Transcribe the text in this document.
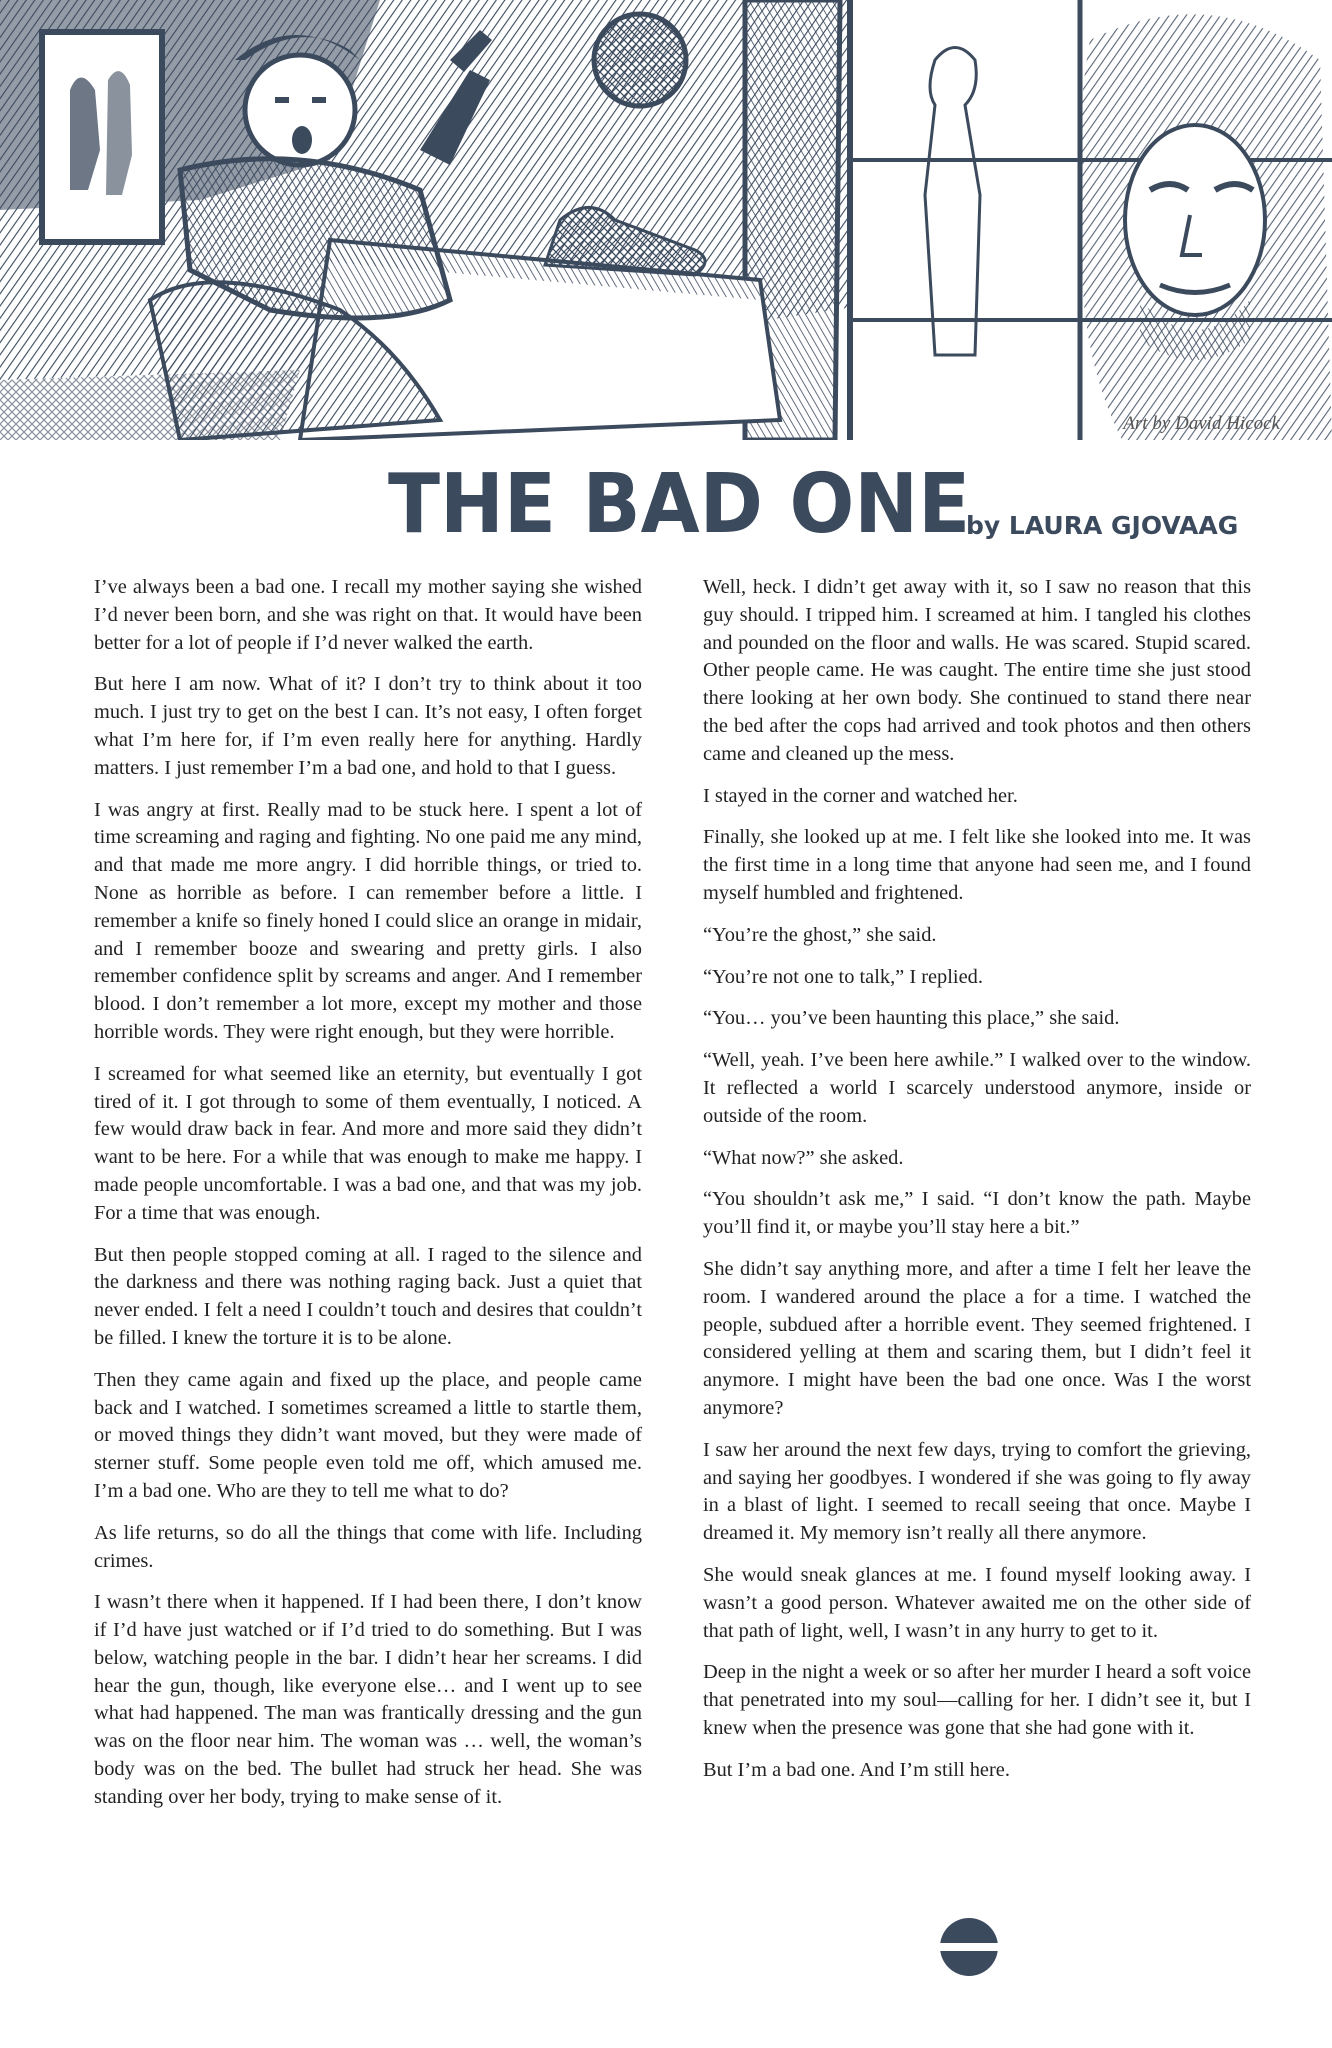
Art by David Hicock
THE BAD ONE
by LAURA GJOVAAG

I’ve always been a bad one. I recall my mother saying she wished I’d never been born, and she was right on that. It would have been better for a lot of people if I’d never walked the earth.

But here I am now. What of it? I don’t try to think about it too much. I just try to get on the best I can. It’s not easy, I often forget what I’m here for, if I’m even really here for anything. Hardly matters. I just remember I’m a bad one, and hold to that I guess.

I was angry at first. Really mad to be stuck here. I spent a lot of time screaming and raging and fighting. No one paid me any mind, and that made me more angry. I did horrible things, or tried to. None as horrible as before. I can remember before a little. I remember a knife so finely honed I could slice an orange in midair, and I remember booze and swearing and pretty girls. I also remember confidence split by screams and anger. And I remember blood. I don’t remember a lot more, except my mother and those horrible words. They were right enough, but they were horrible.

I screamed for what seemed like an eternity, but eventually I got tired of it. I got through to some of them eventually, I noticed. A few would draw back in fear. And more and more said they didn’t want to be here. For a while that was enough to make me happy. I made people uncomfortable. I was a bad one, and that was my job. For a time that was enough.

But then people stopped coming at all. I raged to the silence and the darkness and there was nothing raging back. Just a quiet that never ended. I felt a need I couldn’t touch and desires that couldn’t be filled. I knew the torture it is to be alone.

Then they came again and fixed up the place, and people came back and I watched. I sometimes screamed a little to startle them, or moved things they didn’t want moved, but they were made of sterner stuff. Some people even told me off, which amused me. I’m a bad one. Who are they to tell me what to do?

As life returns, so do all the things that come with life. Including crimes.

I wasn’t there when it happened. If I had been there, I don’t know if I’d have just watched or if I’d tried to do something. But I was below, watching people in the bar. I didn’t hear her screams. I did hear the gun, though, like everyone else… and I went up to see what had happened. The man was frantically dressing and the gun was on the floor near him. The woman was … well, the woman’s body was on the bed. The bullet had struck her head. She was standing over her body, trying to make sense of it.

Well, heck. I didn’t get away with it, so I saw no reason that this guy should. I tripped him. I screamed at him. I tangled his clothes and pounded on the floor and walls. He was scared. Stupid scared. Other people came. He was caught. The entire time she just stood there looking at her own body. She continued to stand there near the bed after the cops had arrived and took photos and then others came and cleaned up the mess.

I stayed in the corner and watched her.

Finally, she looked up at me. I felt like she looked into me. It was the first time in a long time that anyone had seen me, and I found myself humbled and frightened.

“You’re the ghost,” she said.

“You’re not one to talk,” I replied.

“You… you’ve been haunting this place,” she said.

“Well, yeah. I’ve been here awhile.” I walked over to the window. It reflected a world I scarcely understood anymore, inside or outside of the room.

“What now?” she asked.

“You shouldn’t ask me,” I said. “I don’t know the path. Maybe you’ll find it, or maybe you’ll stay here a bit.”

She didn’t say anything more, and after a time I felt her leave the room. I wandered around the place a for a time. I watched the people, subdued after a horrible event. They seemed frightened. I considered yelling at them and scaring them, but I didn’t feel it anymore. I might have been the bad one once. Was I the worst anymore?

I saw her around the next few days, trying to comfort the grieving, and saying her goodbyes. I wondered if she was going to fly away in a blast of light. I seemed to recall seeing that once. Maybe I dreamed it. My memory isn’t really all there anymore.

She would sneak glances at me. I found myself looking away. I wasn’t a good person. Whatever awaited me on the other side of that path of light, well, I wasn’t in any hurry to get to it.

Deep in the night a week or so after her murder I heard a soft voice that penetrated into my soul—calling for her. I didn’t see it, but I knew when the presence was gone that she had gone with it.

But I’m a bad one. And I’m still here.
